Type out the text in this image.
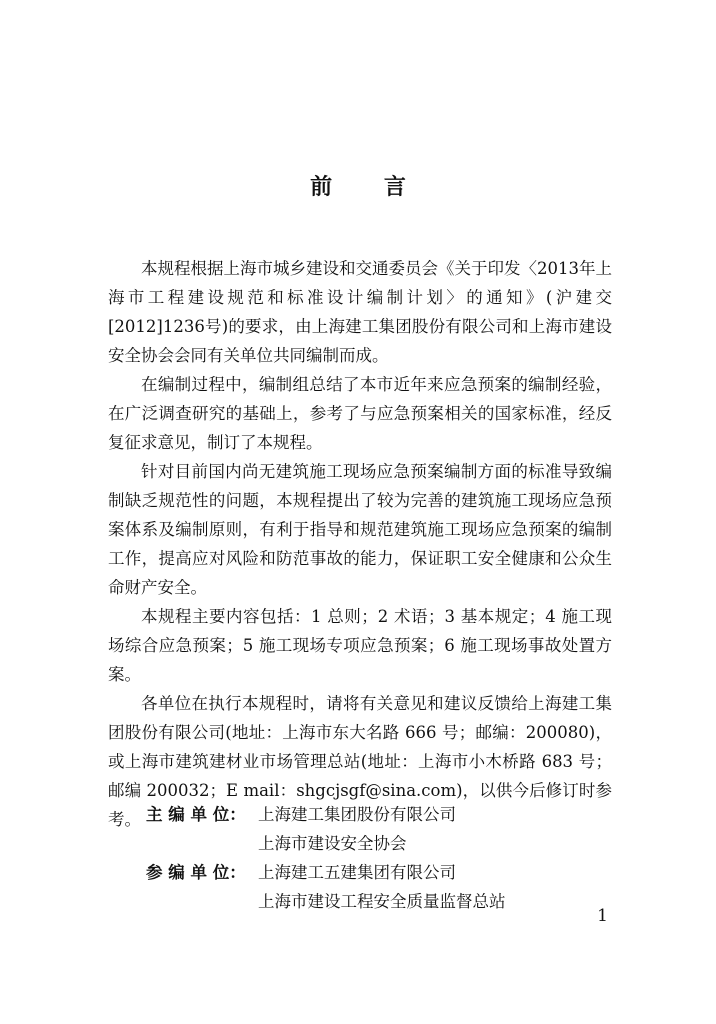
前 言

本规程根据上海市城乡建设和交通委员会《关于印发〈2013年上海市工程建设规范和标准设计编制计划〉的通知》(沪建交[2012]1236号)的要求，由上海建工集团股份有限公司和上海市建设安全协会会同有关单位共同编制而成。

在编制过程中，编制组总结了本市近年来应急预案的编制经验，在广泛调查研究的基础上，参考了与应急预案相关的国家标准，经反复征求意见，制订了本规程。

针对目前国内尚无建筑施工现场应急预案编制方面的标准导致编制缺乏规范性的问题，本规程提出了较为完善的建筑施工现场应急预案体系及编制原则，有利于指导和规范建筑施工现场应急预案的编制工作，提高应对风险和防范事故的能力，保证职工安全健康和公众生命财产安全。

本规程主要内容包括：1 总则；2 术语；3 基本规定；4 施工现场综合应急预案；5 施工现场专项应急预案；6 施工现场事故处置方案。

各单位在执行本规程时，请将有关意见和建议反馈给上海建工集团股份有限公司(地址：上海市东大名路 666 号；邮编：200080)，或上海市建筑建材业市场管理总站(地址：上海市小木桥路 683 号；邮编 200032；E mail：shgcjsgf@sina.com)，以供今后修订时参考。 主 编 单 位： 上海建工集团股份有限公司
上海市建设安全协会
参 编 单 位： 上海建工五建集团有限公司
上海市建设工程安全质量监督总站
1
